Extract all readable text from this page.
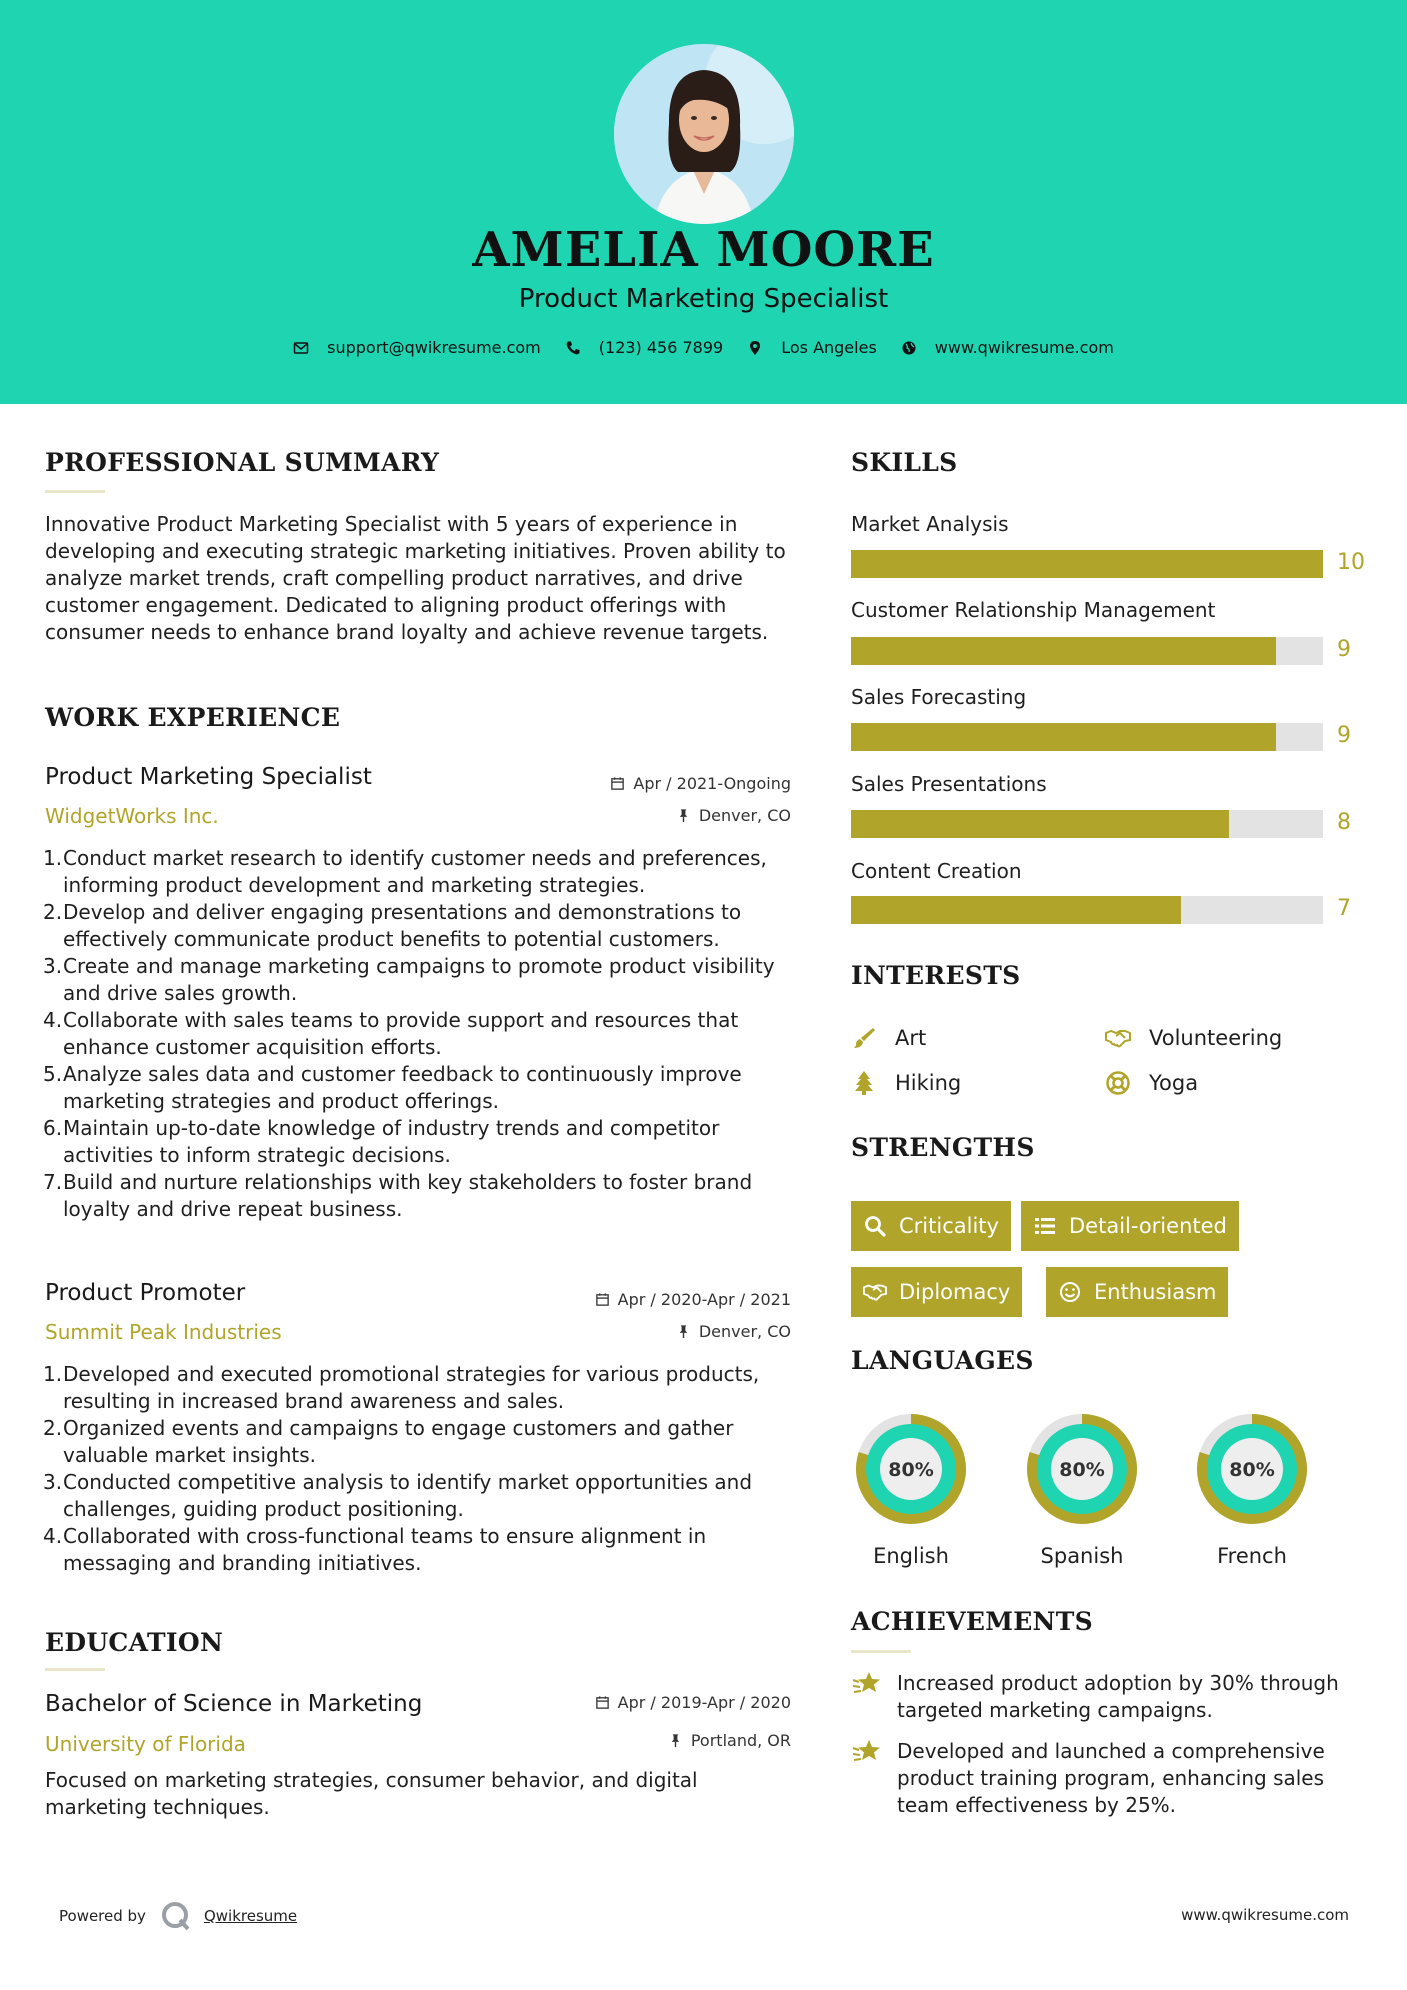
AMELIA MOORE
Product Marketing Specialist
support@qwikresume.com	(123) 456 7899	Los Angeles	www.qwikresume.com
PROFESSIONAL SUMMARY
Innovative Product Marketing Specialist with 5 years of experience in developing and executing strategic marketing initiatives. Proven ability to analyze market trends, craft compelling product narratives, and drive customer engagement. Dedicated to aligning product offerings with consumer needs to enhance brand loyalty and achieve revenue targets.
WORK EXPERIENCE
Product Marketing Specialist
WidgetWorks Inc.
Apr / 2021-Ongoing
Denver, CO
1. Conduct market research to identify customer needs and preferences, informing product development and marketing strategies.
2. Develop and deliver engaging presentations and demonstrations to effectively communicate product benefits to potential customers.
3. Create and manage marketing campaigns to promote product visibility and drive sales growth.
4. Collaborate with sales teams to provide support and resources that enhance customer acquisition efforts.
5. Analyze sales data and customer feedback to continuously improve marketing strategies and product offerings.
6. Maintain up-to-date knowledge of industry trends and competitor activities to inform strategic decisions.
7. Build and nurture relationships with key stakeholders to foster brand loyalty and drive repeat business.
Product Promoter
Summit Peak Industries
Apr / 2020-Apr / 2021
Denver, CO
1. Developed and executed promotional strategies for various products, resulting in increased brand awareness and sales.
2. Organized events and campaigns to engage customers and gather valuable market insights.
3. Conducted competitive analysis to identify market opportunities and challenges, guiding product positioning.
4. Collaborated with cross-functional teams to ensure alignment in messaging and branding initiatives.
EDUCATION
Bachelor of Science in Marketing
University of Florida
Apr / 2019-Apr / 2020
Portland, OR
Focused on marketing strategies, consumer behavior, and digital marketing techniques.
SKILLS
Market Analysis
10
Customer Relationship Management
9
Sales Forecasting
9
Sales Presentations
8
Content Creation
7
INTERESTS
Art	Volunteering
Hiking	Yoga
STRENGTHS
Criticality	Detail-oriented
Diplomacy	Enthusiasm
LANGUAGES
80%
English
80%
Spanish
80%
French
ACHIEVEMENTS
Increased product adoption by 30% through targeted marketing campaigns.
Developed and launched a comprehensive product training program, enhancing sales team effectiveness by 25%.
Powered by	Qwikresume	www.qwikresume.com
